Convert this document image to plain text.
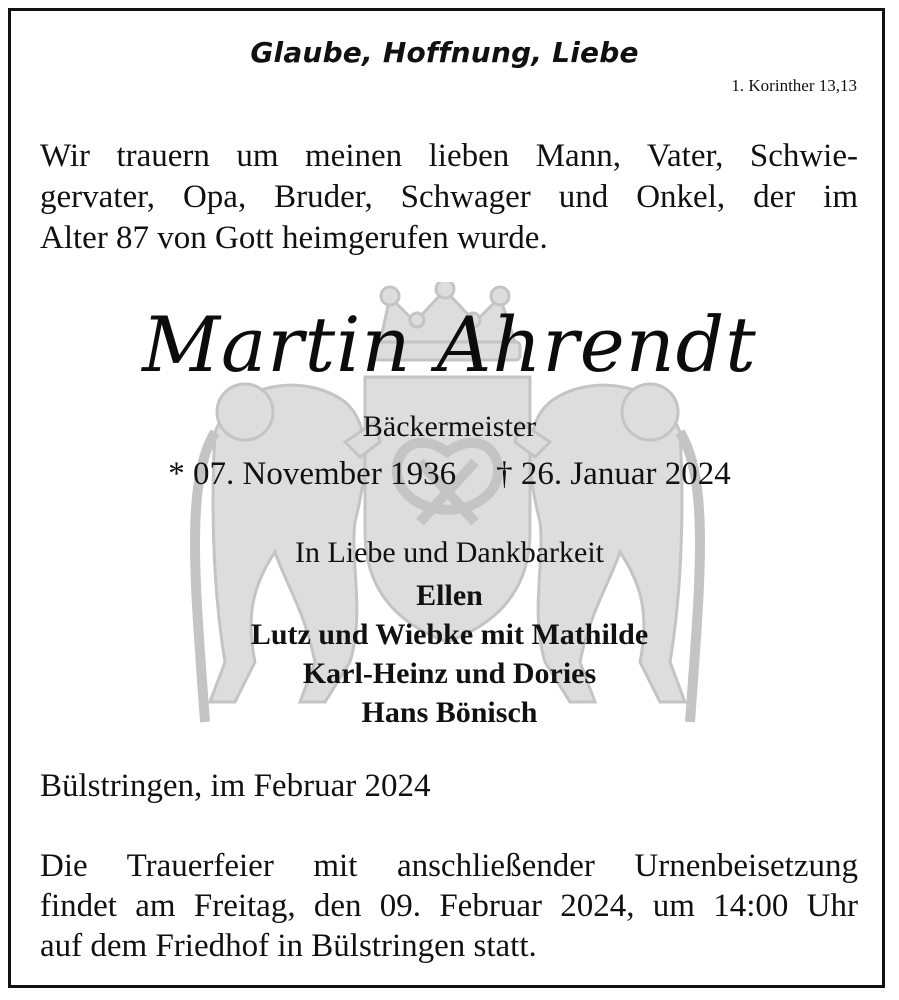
Glaube, Hoffnung, Liebe
1. Korinther 13,13
Wir trauern um meinen lieben Mann, Vater, Schwie-
gervater, Opa, Bruder, Schwager und Onkel, der im
Alter 87 von Gott heimgerufen wurde.
Martin Ahrendt
Bäckermeister
* 07. November 1936 † 26. Januar 2024
In Liebe und Dankbarkeit
Ellen
Lutz und Wiebke mit Mathilde
Karl-Heinz und Dories
Hans Bönisch
Bülstringen, im Februar 2024
Die Trauerfeier mit anschließender Urnenbeisetzung
findet am Freitag, den 09. Februar 2024, um 14:00 Uhr
auf dem Friedhof in Bülstringen statt.
